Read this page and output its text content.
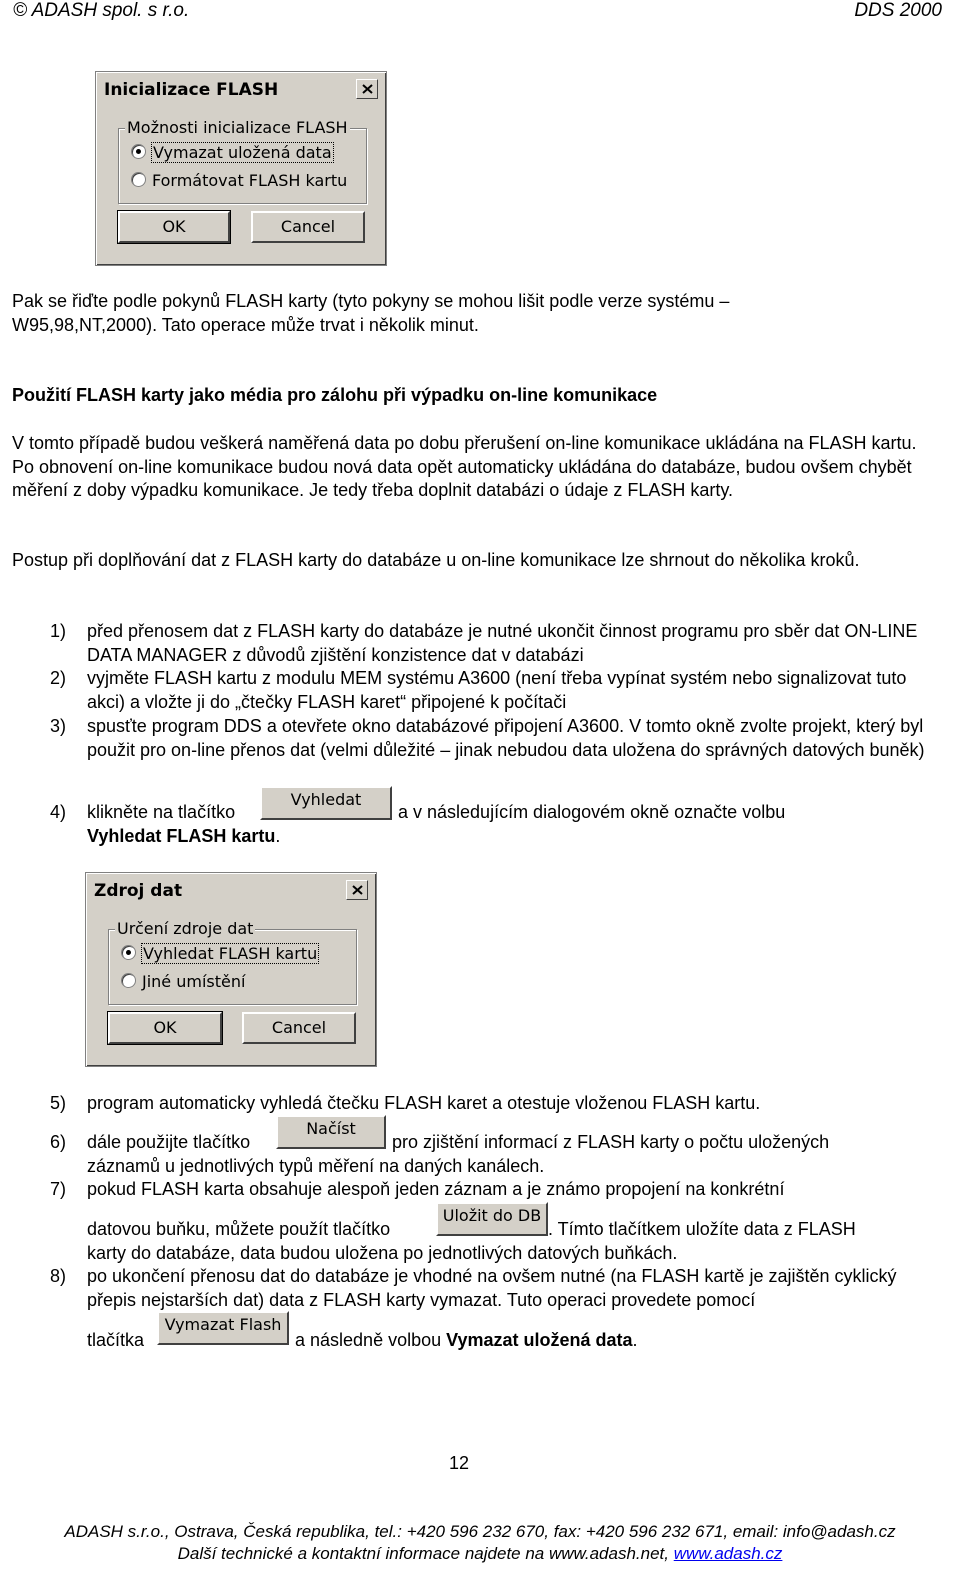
© ADASH spol. s r.o.	DDS 2000
Inicializace FLASH
Možnosti inicializace FLASH
Vymazat uložená data
Formátovat FLASH kartu
OK	Cancel

Pak se řiďte podle pokynů FLASH karty (tyto pokyny se mohou lišit podle verze systému – W95,98,NT,2000). Tato operace může trvat i několik minut.

Použití FLASH karty jako média pro zálohu při výpadku on-line komunikace

V tomto případě budou veškerá naměřená data po dobu přerušení on-line komunikace ukládána na FLASH kartu. Po obnovení on-line komunikace budou nová data opět automaticky ukládána do databáze, budou ovšem chybět měření z doby výpadku komunikace. Je tedy třeba doplnit databázi o údaje z FLASH karty.

Postup při doplňování dat z FLASH karty do databáze u on-line komunikace lze shrnout do několika kroků.

1)	před přenosem dat z FLASH karty do databáze je nutné ukončit činnost programu pro sběr dat ON-LINE DATA MANAGER z důvodů zjištění konzistence dat v databázi
2)	vyjměte FLASH kartu z modulu MEM systému A3600 (není třeba vypínat systém nebo signalizovat tuto akci) a vložte ji do „čtečky FLASH karet“ připojené k počítači
3)	spusťte program DDS a otevřete okno databázové připojení A3600. V tomto okně zvolte projekt, který byl použit pro on-line přenos dat (velmi důležité – jinak nebudou data uložena do správných datových buněk)
4)	klikněte na tlačítko
Vyhledat
a v následujícím dialogovém okně označte volbu
Vyhledat FLASH kartu.
Zdroj dat
Určení zdroje dat
Vyhledat FLASH kartu
Jiné umístění
OK	Cancel
5)	program automaticky vyhledá čtečku FLASH karet a otestuje vloženou FLASH kartu.
6)	dále použijte tlačítko
Načíst
pro zjištění informací z FLASH karty o počtu uložených
záznamů u jednotlivých typů měření na daných kanálech.
7)	pokud FLASH karta obsahuje alespoň jeden záznam a je známo propojení na konkrétní
datovou buňku, můžete použít tlačítko
Uložit do DB
. Tímto tlačítkem uložíte data z FLASH
karty do databáze, data budou uložena po jednotlivých datových buňkách.
8)	po ukončení přenosu dat do databáze je vhodné na ovšem nutné (na FLASH kartě je zajištěn cyklický přepis nejstarších dat) data z FLASH karty vymazat. Tuto operaci provedete pomocí
tlačítka
Vymazat Flash
a následně volbou Vymazat uložená data.
12
ADASH s.r.o., Ostrava, Česká republika, tel.: +420 596 232 670, fax: +420 596 232 671, email: info@adash.cz
Další technické a kontaktní informace najdete na www.adash.net, www.adash.cz
